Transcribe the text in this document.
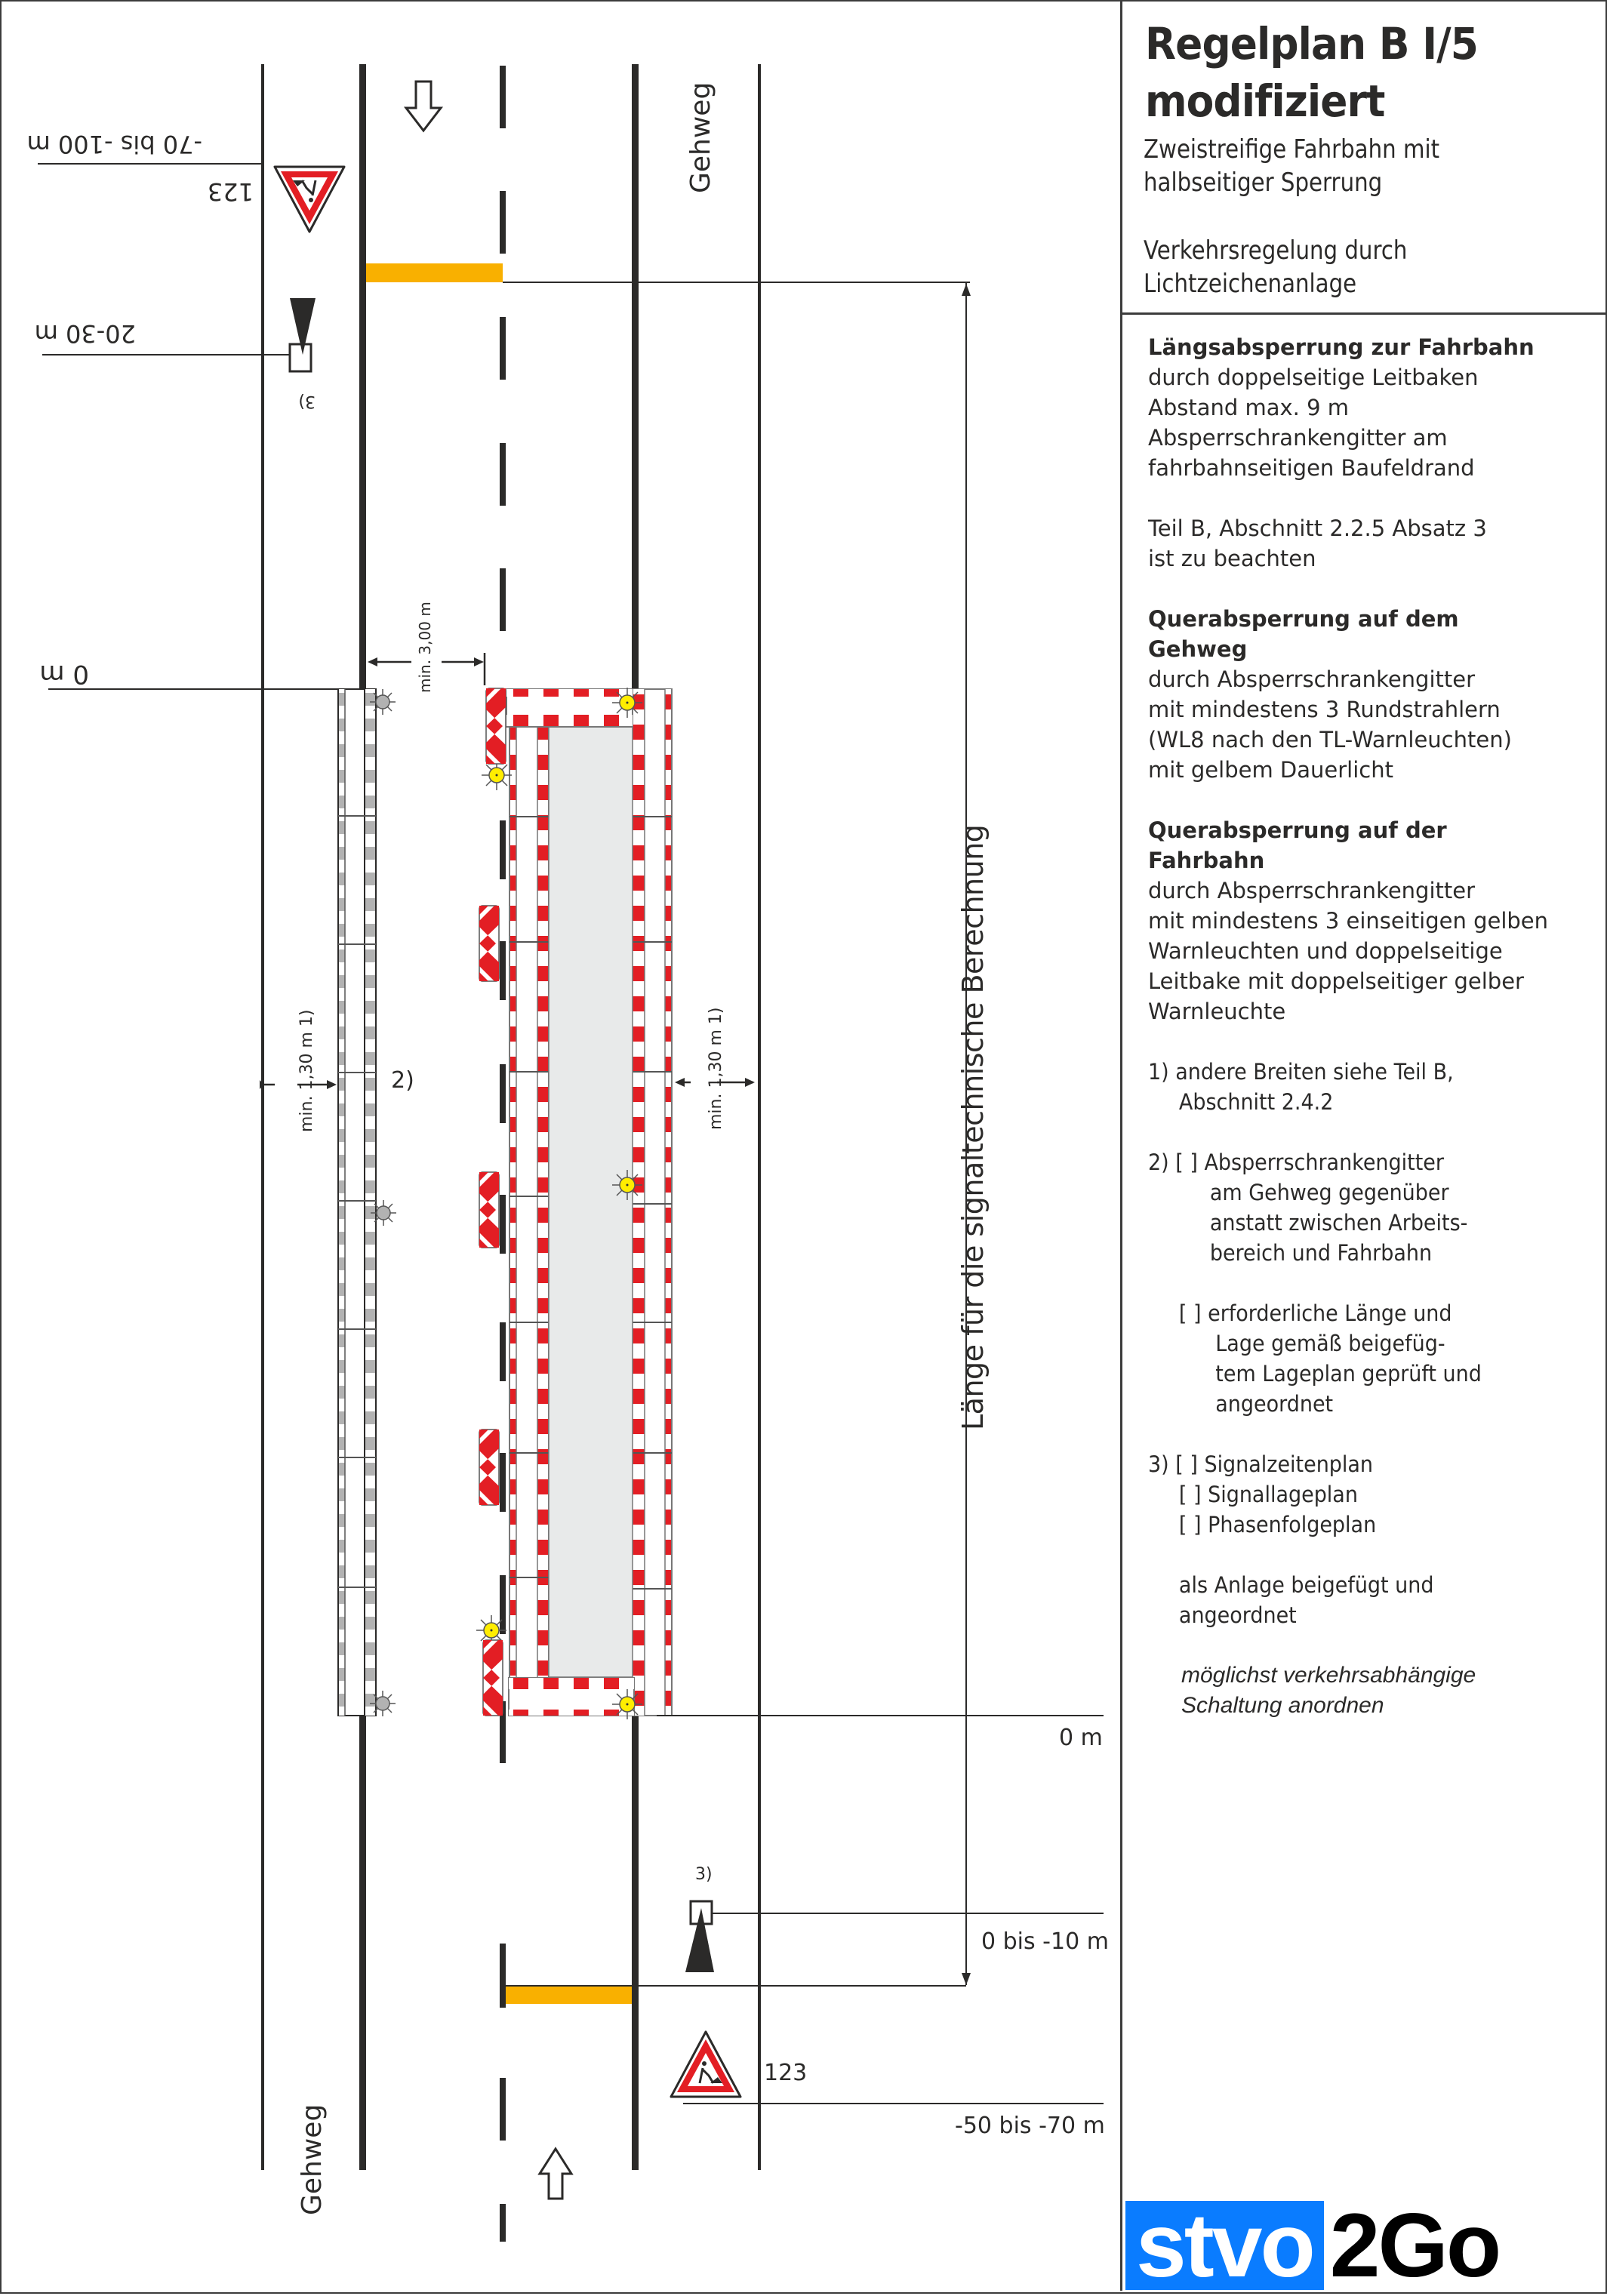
Länge für die signaltechnische Berechnung
-70 bis -100 m
123
20-30 m
3)
Gehweg
Gehweg
0 m	min. 3,00 m
min. 1,30 m 1)	2)	min. 1,30 m 1)
0 m
3)
0 bis -10 m
123
-50 bis -70 m
Regelplan B I/5
modifiziert
Zweistreifige Fahrbahn mit
halbseitiger Sperrung
Verkehrsregelung durch
Lichtzeichenanlage
Längsabsperrung zur Fahrbahn
durch doppelseitige Leitbaken
Abstand max. 9 m
Absperrschrankengitter am
fahrbahnseitigen Baufeldrand
Teil B, Abschnitt 2.2.5 Absatz 3
ist zu beachten
Querabsperrung auf dem
Gehweg
durch Absperrschrankengitter
mit mindestens 3 Rundstrahlern
(WL8 nach den TL-Warnleuchten)
mit gelbem Dauerlicht
Querabsperrung auf der
Fahrbahn
durch Absperrschrankengitter
mit mindestens 3 einseitigen gelben
Warnleuchten und doppelseitige
Leitbake mit doppelseitiger gelber
Warnleuchte
1) andere Breiten siehe Teil B,
Abschnitt 2.4.2
2) [ ] Absperrschrankengitter
am Gehweg gegenüber
anstatt zwischen Arbeits-
bereich und Fahrbahn
[ ] erforderliche Länge und
Lage gemäß beigefüg-
tem Lageplan geprüft und
angeordnet
3) [ ] Signalzeitenplan
[ ] Signallageplan
[ ] Phasenfolgeplan
als Anlage beigefügt und
angeordnet
möglichst verkehrsabhängige
Schaltung anordnen
stvo 2Go
